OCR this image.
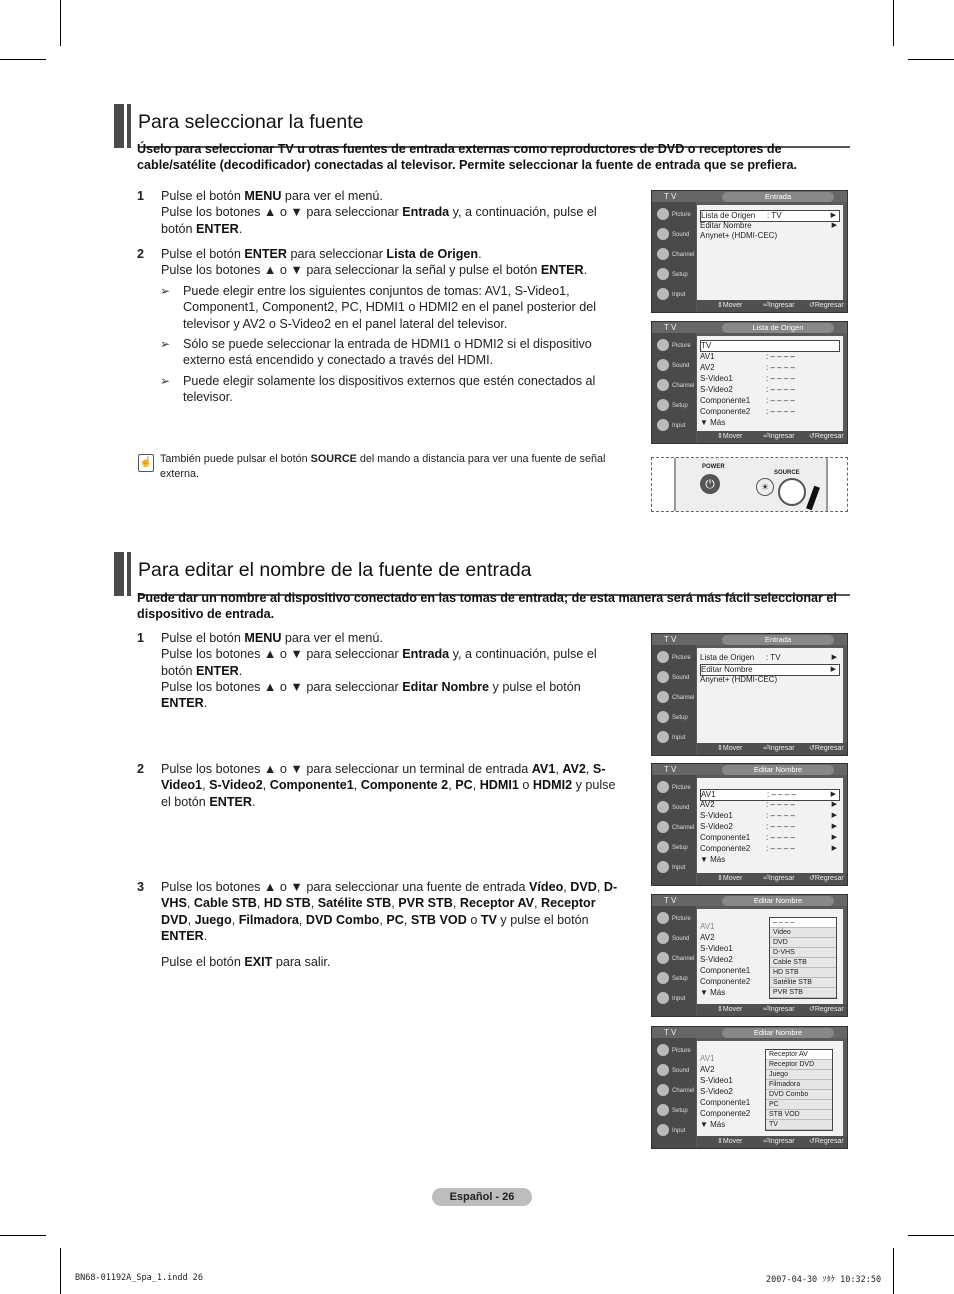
Para seleccionar la fuente
Úselo para seleccionar TV u otras fuentes de entrada externas como reproductores de DVD o receptores de cable/satélite (decodificador) conectadas al televisor. Permite seleccionar la fuente de entrada que se prefiera.
1 Pulse el botón MENU para ver el menú.

Pulse los botones ▲ o ▼ para seleccionar Entrada y, a continuación, pulse el botón ENTER.

2 Pulse el botón ENTER para seleccionar Lista de Origen.

Pulse los botones ▲ o ▼ para seleccionar la señal y pulse el botón ENTER.

➢ Puede elegir entre los siguientes conjuntos de tomas: AV1, S-Video1, Component1, Component2, PC, HDMI1 o HDMI2 en el panel posterior del televisor y AV2 o S-Video2 en el panel lateral del televisor.
➢ Sólo se puede seleccionar la entrada de HDMI1 o HDMI2 si el dispositivo externo está encendido y conectado a través del HDMI.
➢ Puede elegir solamente los dispositivos externos que estén conectados al televisor.
☝ También puede pulsar el botón SOURCE del mando a distancia para ver una fuente de señal externa.
T V	Entrada
Picture
Sound
Channel
Setup
Input
Lista de Origen : TV	▶
Editar Nombre	▶
Anynet+ (HDMI-CEC)
⇕ Mover	⏎ Ingresar ↺ Regresar
T V	Lista de Origen
Picture
Sound
Channel
Setup
Input
TV
AV1	: – – – –
AV2	: – – – –
S-Video1	: – – – –
S-Video2	: – – – –
Componente1 : – – – –
Componente2 : – – – –
▼ Más
⇕ Mover	⏎ Ingresar ↺ Regresar
POWER
⏻
SOURCE
☀
Para editar el nombre de la fuente de entrada
Puede dar un nombre al dispositivo conectado en las tomas de entrada; de esta manera será más fácil seleccionar el dispositivo de entrada.
1 Pulse el botón MENU para ver el menú.

Pulse los botones ▲ o ▼ para seleccionar Entrada y, a continuación, pulse el botón ENTER.

Pulse los botones ▲ o ▼ para seleccionar Editar Nombre y pulse el botón ENTER.

2 Pulse los botones ▲ o ▼ para seleccionar un terminal de entrada AV1, AV2, S-Video1, S-Video2, Componente1, Componente 2, PC, HDMI1 o HDMI2 y pulse el botón ENTER.

3 Pulse los botones ▲ o ▼ para seleccionar una fuente de entrada Vídeo, DVD, D-VHS, Cable STB, HD STB, Satélite STB, PVR STB, Receptor AV, Receptor DVD, Juego, Filmadora, DVD Combo, PC, STB VOD o TV y pulse el botón ENTER.

Pulse el botón EXIT para salir.

T V	Entrada
Picture
Sound
Channel
Setup
Input
Lista de Origen : TV	▶
Editar Nombre	▶
Anynet+ (HDMI-CEC)
⇕ Mover	⏎ Ingresar ↺ Regresar
T V	Editar Nombre
Picture
Sound
Channel
Setup
Input
AV1	: – – – –	▶
AV2	: – – – –	▶
S-Video1	: – – – –	▶
S-Video2	: – – – –	▶
Componente1 : – – – –	▶
Componente2 : – – – –	▶
▼ Más
⇕ Mover	⏎ Ingresar ↺ Regresar
T V	Editar Nombre
Picture
Sound
Channel
Setup
Input
AV1
AV2
S-Video1
S-Video2
Componente1
Componente2
▼ Más
– – – –
Video
DVD
D-VHS
Cable STB
HD STB
Satélite STB
PVR STB
⇕ Mover	⏎ Ingresar ↺ Regresar
T V	Editar Nombre
Picture
Sound
Channel
Setup
Input
AV1
AV2
S-Video1
S-Video2
Componente1
Componente2
▼ Más
Receptor AV
Receptor DVD
Juego
Filmadora
DVD Combo
PC
STB VOD
TV
⇕ Mover	⏎ Ingresar ↺ Regresar
Español - 26
BN68-01192A_Spa_1.indd 26	2007-04-30 ｿﾀｹ 10:32:50
